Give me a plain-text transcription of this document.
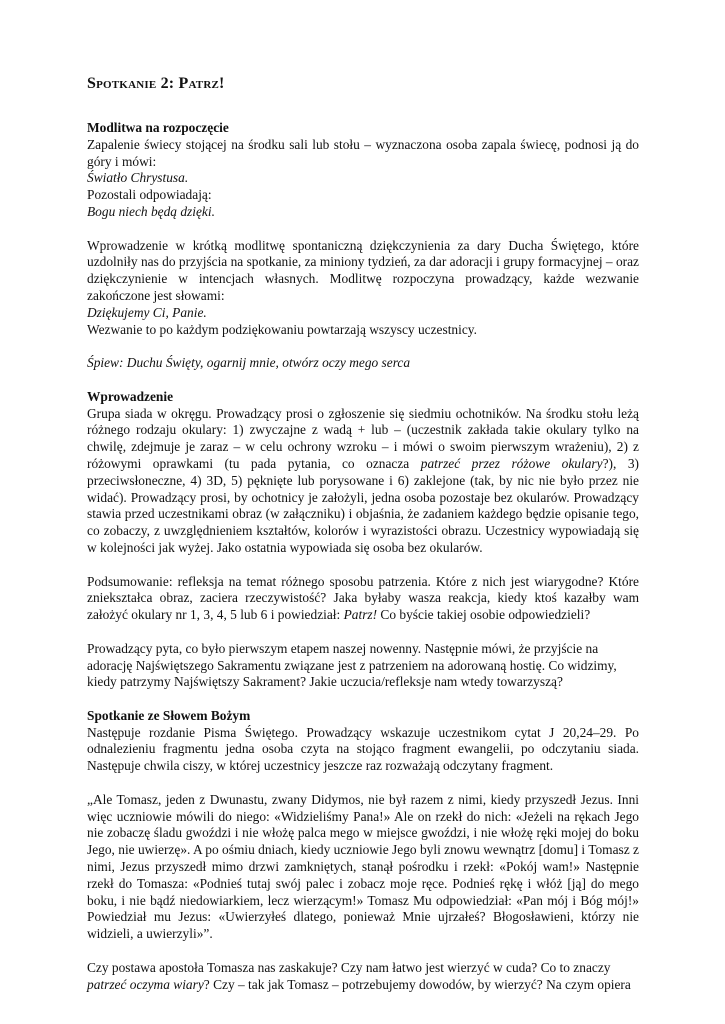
Spotkanie 2: Patrz!
Modlitwa na rozpoczęcie

Zapalenie świecy stojącej na środku sali lub stołu – wyznaczona osoba zapala świecę, podnosi ją do góry i mówi:

Światło Chrystusa.

Pozostali odpowiadają:

Bogu niech będą dzięki.

Wprowadzenie w krótką modlitwę spontaniczną dziękczynienia za dary Ducha Świętego, które uzdolniły nas do przyjścia na spotkanie, za miniony tydzień, za dar adoracji i grupy formacyjnej – oraz dziękczynienie w intencjach własnych. Modlitwę rozpoczyna prowadzący, każde wezwanie zakończone jest słowami:

Dziękujemy Ci, Panie.

Wezwanie to po każdym podziękowaniu powtarzają wszyscy uczestnicy.

Śpiew: Duchu Święty, ogarnij mnie, otwórz oczy mego serca

Wprowadzenie

Grupa siada w okręgu. Prowadzący prosi o zgłoszenie się siedmiu ochotników. Na środku stołu leżą różnego rodzaju okulary: 1) zwyczajne z wadą + lub – (uczestnik zakłada takie okulary tylko na chwilę, zdejmuje je zaraz – w celu ochrony wzroku – i mówi o swoim pierwszym wrażeniu), 2) z różowymi oprawkami (tu pada pytania, co oznacza patrzeć przez różowe okulary?), 3) przeciwsłoneczne, 4) 3D, 5) pęknięte lub porysowane i 6) zaklejone (tak, by nic nie było przez nie widać). Prowadzący prosi, by ochotnicy je założyli, jedna osoba pozostaje bez okularów. Prowadzący stawia przed uczestnikami obraz (w załączniku) i objaśnia, że zadaniem każdego będzie opisanie tego, co zobaczy, z uwzględnieniem kształtów, kolorów i wyrazistości obrazu. Uczestnicy wypowiadają się w kolejności jak wyżej. Jako ostatnia wypowiada się osoba bez okularów.

Podsumowanie: refleksja na temat różnego sposobu patrzenia. Które z nich jest wiarygodne? Które zniekształca obraz, zaciera rzeczywistość? Jaka byłaby wasza reakcja, kiedy ktoś kazałby wam założyć okulary nr 1, 3, 4, 5 lub 6 i powiedział: Patrz! Co byście takiej osobie odpowiedzieli?

Prowadzący pyta, co było pierwszym etapem naszej nowenny. Następnie mówi, że przyjście na adorację Najświętszego Sakramentu związane jest z patrzeniem na adorowaną hostię. Co widzimy, kiedy patrzymy Najświętszy Sakrament? Jakie uczucia/refleksje nam wtedy towarzyszą?

Spotkanie ze Słowem Bożym

Następuje rozdanie Pisma Świętego. Prowadzący wskazuje uczestnikom cytat J 20,24–29. Po odnalezieniu fragmentu jedna osoba czyta na stojąco fragment ewangelii, po odczytaniu siada. Następuje chwila ciszy, w której uczestnicy jeszcze raz rozważają odczytany fragment.

„Ale Tomasz, jeden z Dwunastu, zwany Didymos, nie był razem z nimi, kiedy przyszedł Jezus. Inni więc uczniowie mówili do niego: «Widzieliśmy Pana!» Ale on rzekł do nich: «Jeżeli na rękach Jego nie zobaczę śladu gwoździ i nie włożę palca mego w miejsce gwoździ, i nie włożę ręki mojej do boku Jego, nie uwierzę». A po ośmiu dniach, kiedy uczniowie Jego byli znowu wewnątrz [domu] i Tomasz z nimi, Jezus przyszedł mimo drzwi zamkniętych, stanął pośrodku i rzekł: «Pokój wam!» Następnie rzekł do Tomasza: «Podnieś tutaj swój palec i zobacz moje ręce. Podnieś rękę i włóż [ją] do mego boku, i nie bądź niedowiarkiem, lecz wierzącym!» Tomasz Mu odpowiedział: «Pan mój i Bóg mój!» Powiedział mu Jezus: «Uwierzyłeś dlatego, ponieważ Mnie ujrzałeś? Błogosławieni, którzy nie widzieli, a uwierzyli»”.

Czy postawa apostoła Tomasza nas zaskakuje? Czy nam łatwo jest wierzyć w cuda? Co to znaczy patrzeć oczyma wiary? Czy – tak jak Tomasz – potrzebujemy dowodów, by wierzyć? Na czym opiera
